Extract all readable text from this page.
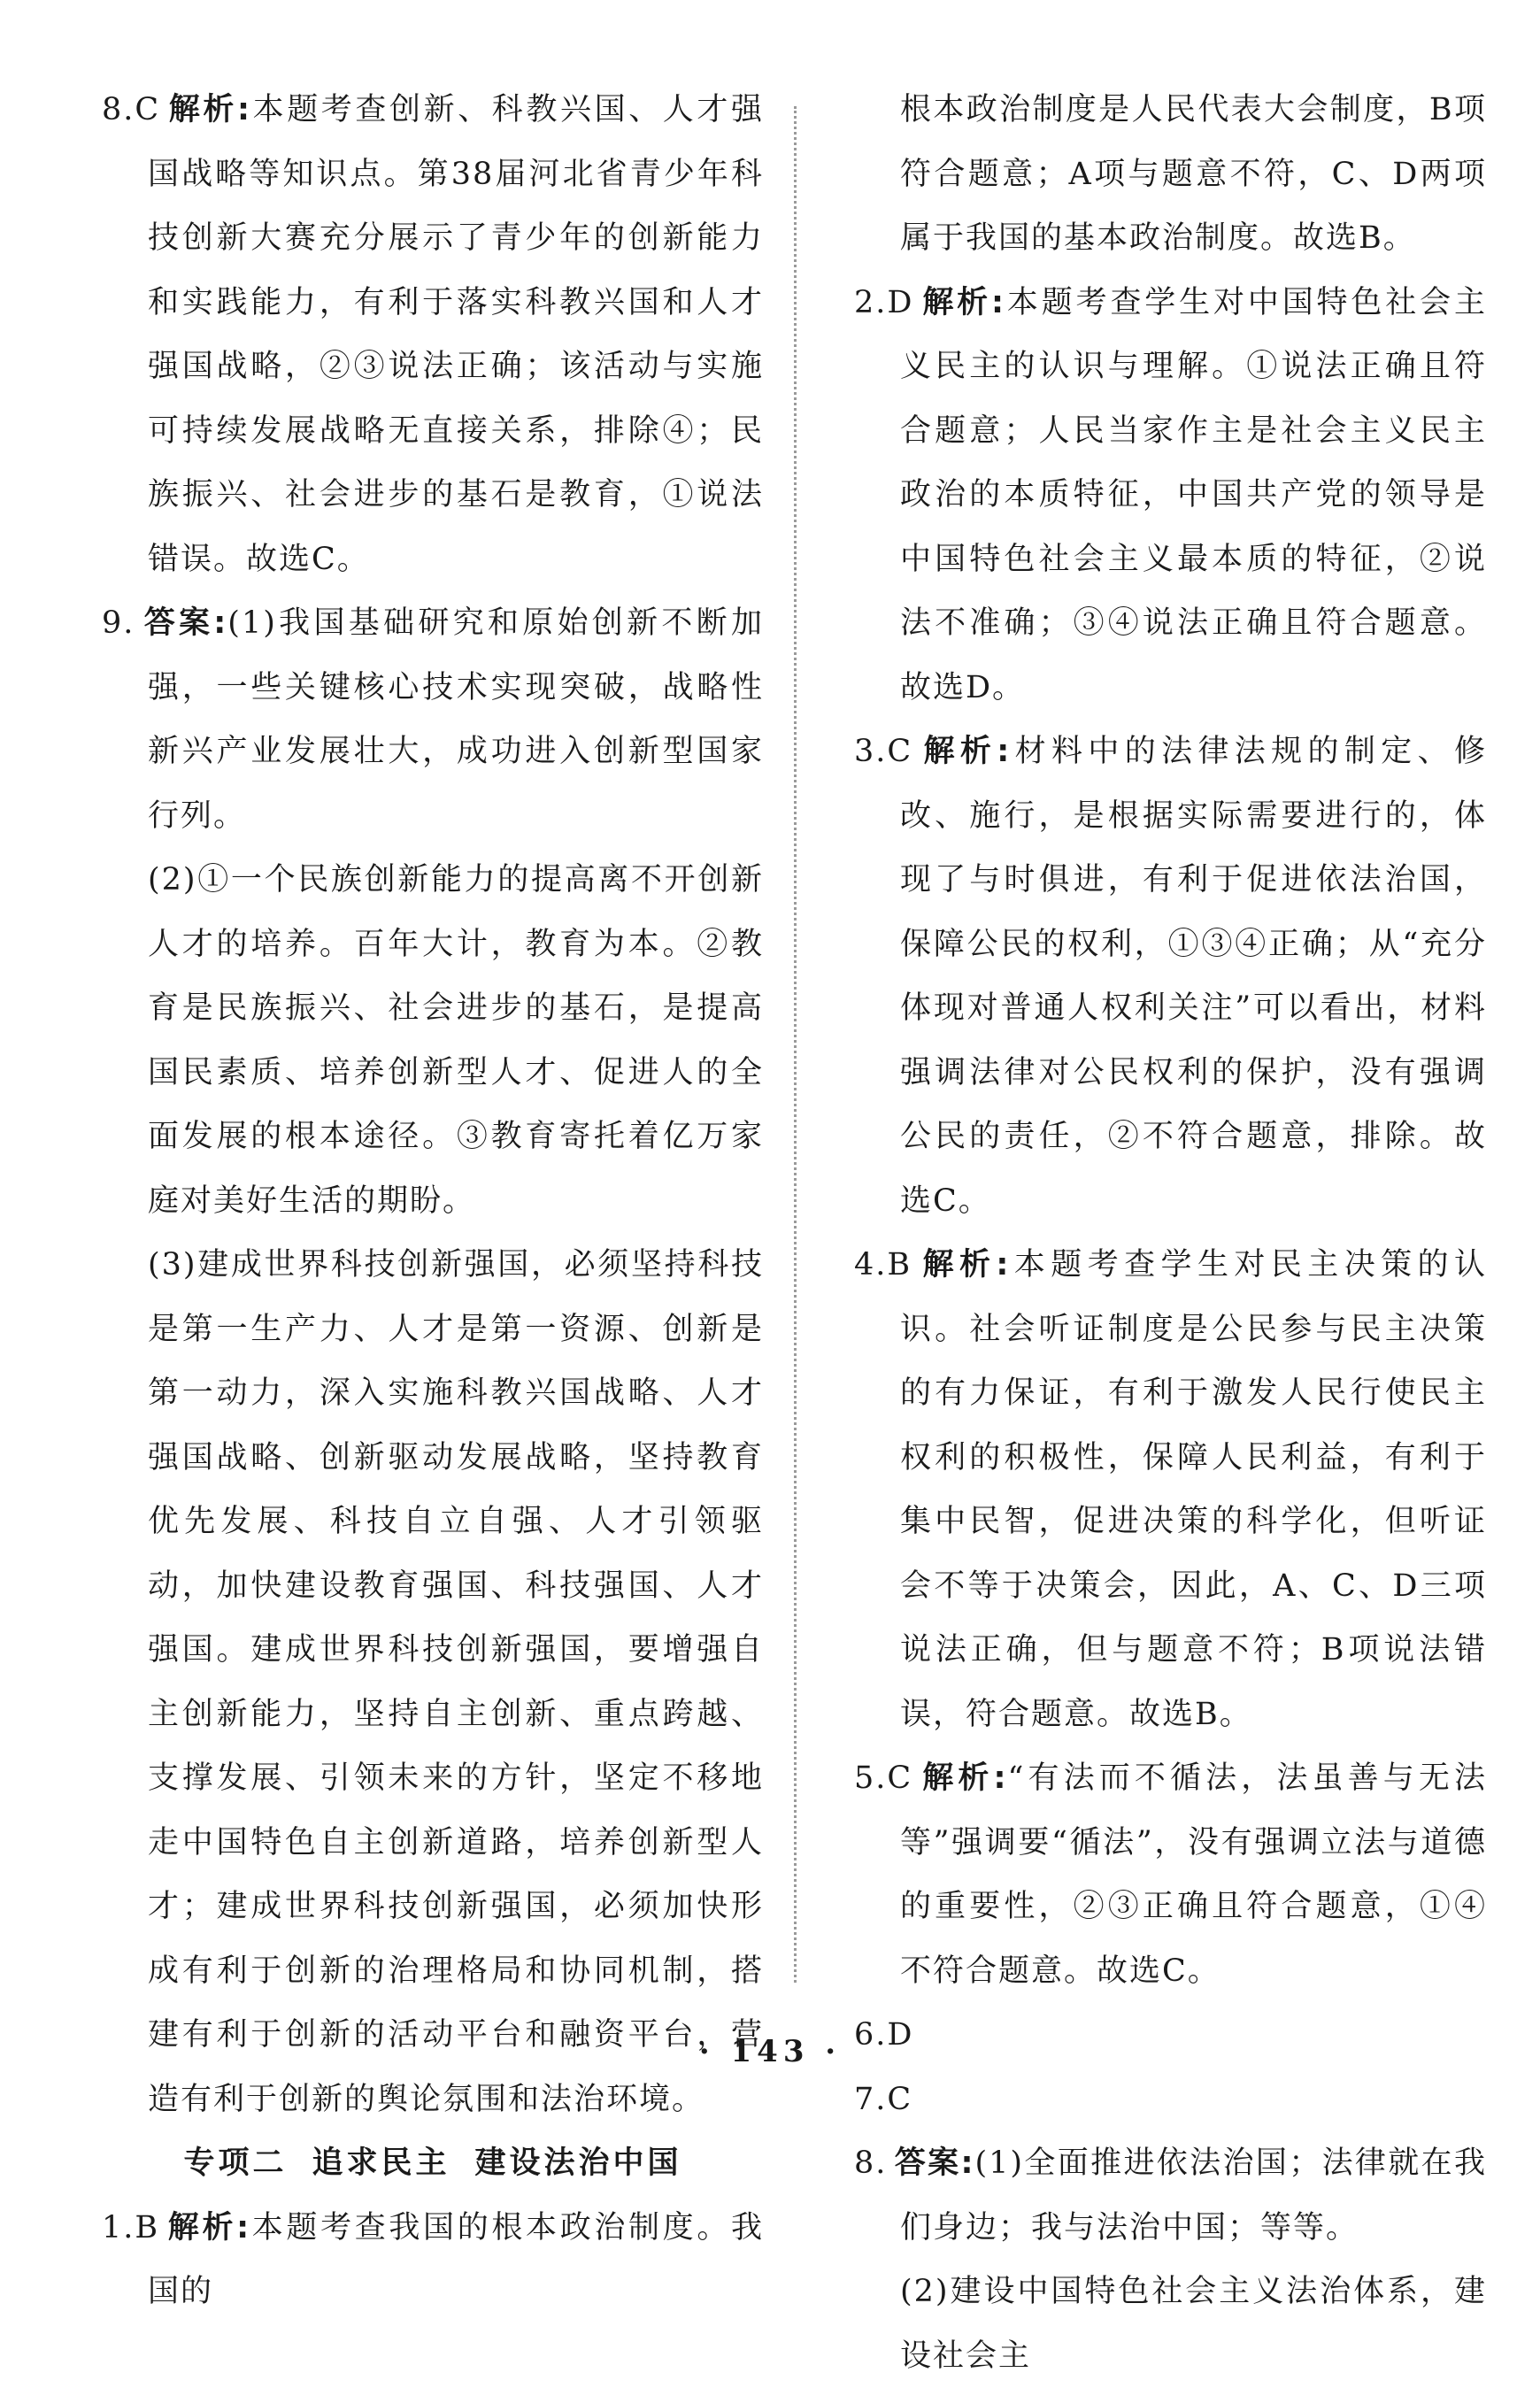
8.C 解析:本题考查创新、科教兴国、人才强国战略等知识点。第38届河北省青少年科技创新大赛充分展示了青少年的创新能力和实践能力，有利于落实科教兴国和人才强国战略，②③说法正确；该活动与实施可持续发展战略无直接关系，排除④；民族振兴、社会进步的基石是教育，①说法错误。故选C。

9. 答案:(1)我国基础研究和原始创新不断加强，一些关键核心技术实现突破，战略性新兴产业发展壮大，成功进入创新型国家行列。

(2)①一个民族创新能力的提高离不开创新人才的培养。百年大计，教育为本。②教育是民族振兴、社会进步的基石，是提高国民素质、培养创新型人才、促进人的全面发展的根本途径。③教育寄托着亿万家庭对美好生活的期盼。

(3)建成世界科技创新强国，必须坚持科技是第一生产力、人才是第一资源、创新是第一动力，深入实施科教兴国战略、人才强国战略、创新驱动发展战略，坚持教育优先发展、科技自立自强、人才引领驱动，加快建设教育强国、科技强国、人才强国。建成世界科技创新强国，要增强自主创新能力，坚持自主创新、重点跨越、支撑发展、引领未来的方针，坚定不移地走中国特色自主创新道路，培养创新型人才；建成世界科技创新强国，必须加快形成有利于创新的治理格局和协同机制，搭建有利于创新的活动平台和融资平台，营造有利于创新的舆论氛围和法治环境。

专项二 追求民主 建设法治中国

1.B 解析:本题考查我国的根本政治制度。我国的

根本政治制度是人民代表大会制度，B项符合题意；A项与题意不符，C、D两项属于我国的基本政治制度。故选B。

2.D 解析:本题考查学生对中国特色社会主义民主的认识与理解。①说法正确且符合题意；人民当家作主是社会主义民主政治的本质特征，中国共产党的领导是中国特色社会主义最本质的特征，②说法不准确；③④说法正确且符合题意。故选D。

3.C 解析:材料中的法律法规的制定、修改、施行，是根据实际需要进行的，体现了与时俱进，有利于促进依法治国，保障公民的权利，①③④正确；从“充分体现对普通人权利关注”可以看出，材料强调法律对公民权利的保护，没有强调公民的责任，②不符合题意，排除。故选C。

4.B 解析:本题考查学生对民主决策的认识。社会听证制度是公民参与民主决策的有力保证，有利于激发人民行使民主权利的积极性，保障人民利益，有利于集中民智，促进决策的科学化，但听证会不等于决策会，因此，A、C、D三项说法正确，但与题意不符；B项说法错误，符合题意。故选B。

5.C 解析:“有法而不循法，法虽善与无法等”强调要“循法”，没有强调立法与道德的重要性，②③正确且符合题意，①④不符合题意。故选C。

6.D

7.C

8. 答案:(1)全面推进依法治国；法律就在我们身边；我与法治中国；等等。

(2)建设中国特色社会主义法治体系，建设社会主

· 143 ·
